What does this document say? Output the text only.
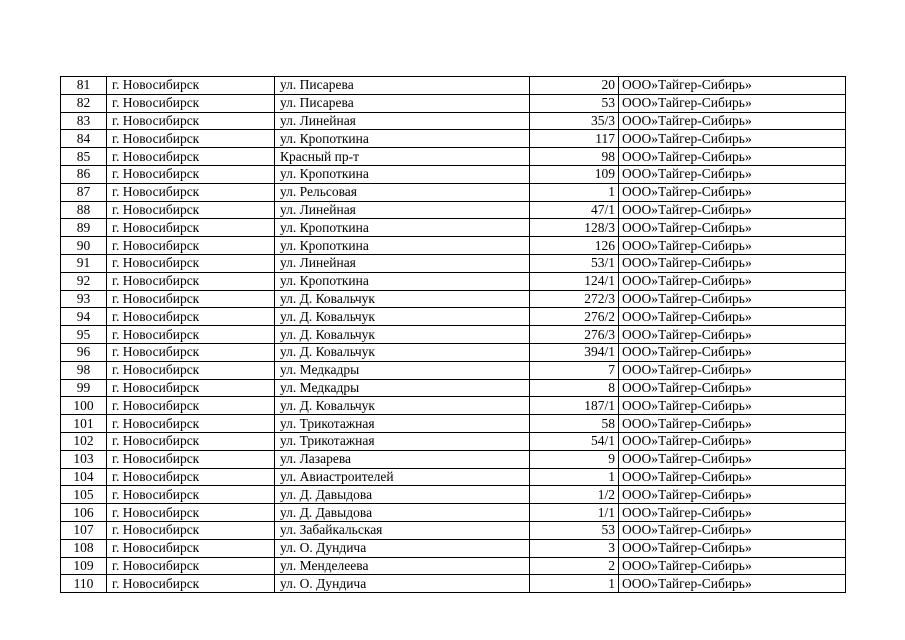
81	г. Новосибирск	ул. Писарева	20	ООО»Тайгер-Сибирь»
82	г. Новосибирск	ул. Писарева	53	ООО»Тайгер-Сибирь»
83	г. Новосибирск	ул. Линейная	35/3	ООО»Тайгер-Сибирь»
84	г. Новосибирск	ул. Кропоткина	117	ООО»Тайгер-Сибирь»
85	г. Новосибирск	Красный пр-т	98	ООО»Тайгер-Сибирь»
86	г. Новосибирск	ул. Кропоткина	109	ООО»Тайгер-Сибирь»
87	г. Новосибирск	ул. Рельсовая	1	ООО»Тайгер-Сибирь»
88	г. Новосибирск	ул. Линейная	47/1	ООО»Тайгер-Сибирь»
89	г. Новосибирск	ул. Кропоткина	128/3	ООО»Тайгер-Сибирь»
90	г. Новосибирск	ул. Кропоткина	126	ООО»Тайгер-Сибирь»
91	г. Новосибирск	ул. Линейная	53/1	ООО»Тайгер-Сибирь»
92	г. Новосибирск	ул. Кропоткина	124/1	ООО»Тайгер-Сибирь»
93	г. Новосибирск	ул. Д. Ковальчук	272/3	ООО»Тайгер-Сибирь»
94	г. Новосибирск	ул. Д. Ковальчук	276/2	ООО»Тайгер-Сибирь»
95	г. Новосибирск	ул. Д. Ковальчук	276/3	ООО»Тайгер-Сибирь»
96	г. Новосибирск	ул. Д. Ковальчук	394/1	ООО»Тайгер-Сибирь»
98	г. Новосибирск	ул. Медкадры	7	ООО»Тайгер-Сибирь»
99	г. Новосибирск	ул. Медкадры	8	ООО»Тайгер-Сибирь»
100	г. Новосибирск	ул. Д. Ковальчук	187/1	ООО»Тайгер-Сибирь»
101	г. Новосибирск	ул. Трикотажная	58	ООО»Тайгер-Сибирь»
102	г. Новосибирск	ул. Трикотажная	54/1	ООО»Тайгер-Сибирь»
103	г. Новосибирск	ул. Лазарева	9	ООО»Тайгер-Сибирь»
104	г. Новосибирск	ул. Авиастроителей	1	ООО»Тайгер-Сибирь»
105	г. Новосибирск	ул. Д. Давыдова	1/2	ООО»Тайгер-Сибирь»
106	г. Новосибирск	ул. Д. Давыдова	1/1	ООО»Тайгер-Сибирь»
107	г. Новосибирск	ул. Забайкальская	53	ООО»Тайгер-Сибирь»
108	г. Новосибирск	ул. О. Дундича	3	ООО»Тайгер-Сибирь»
109	г. Новосибирск	ул. Менделеева	2	ООО»Тайгер-Сибирь»
110	г. Новосибирск	ул. О. Дундича	1	ООО»Тайгер-Сибирь»
